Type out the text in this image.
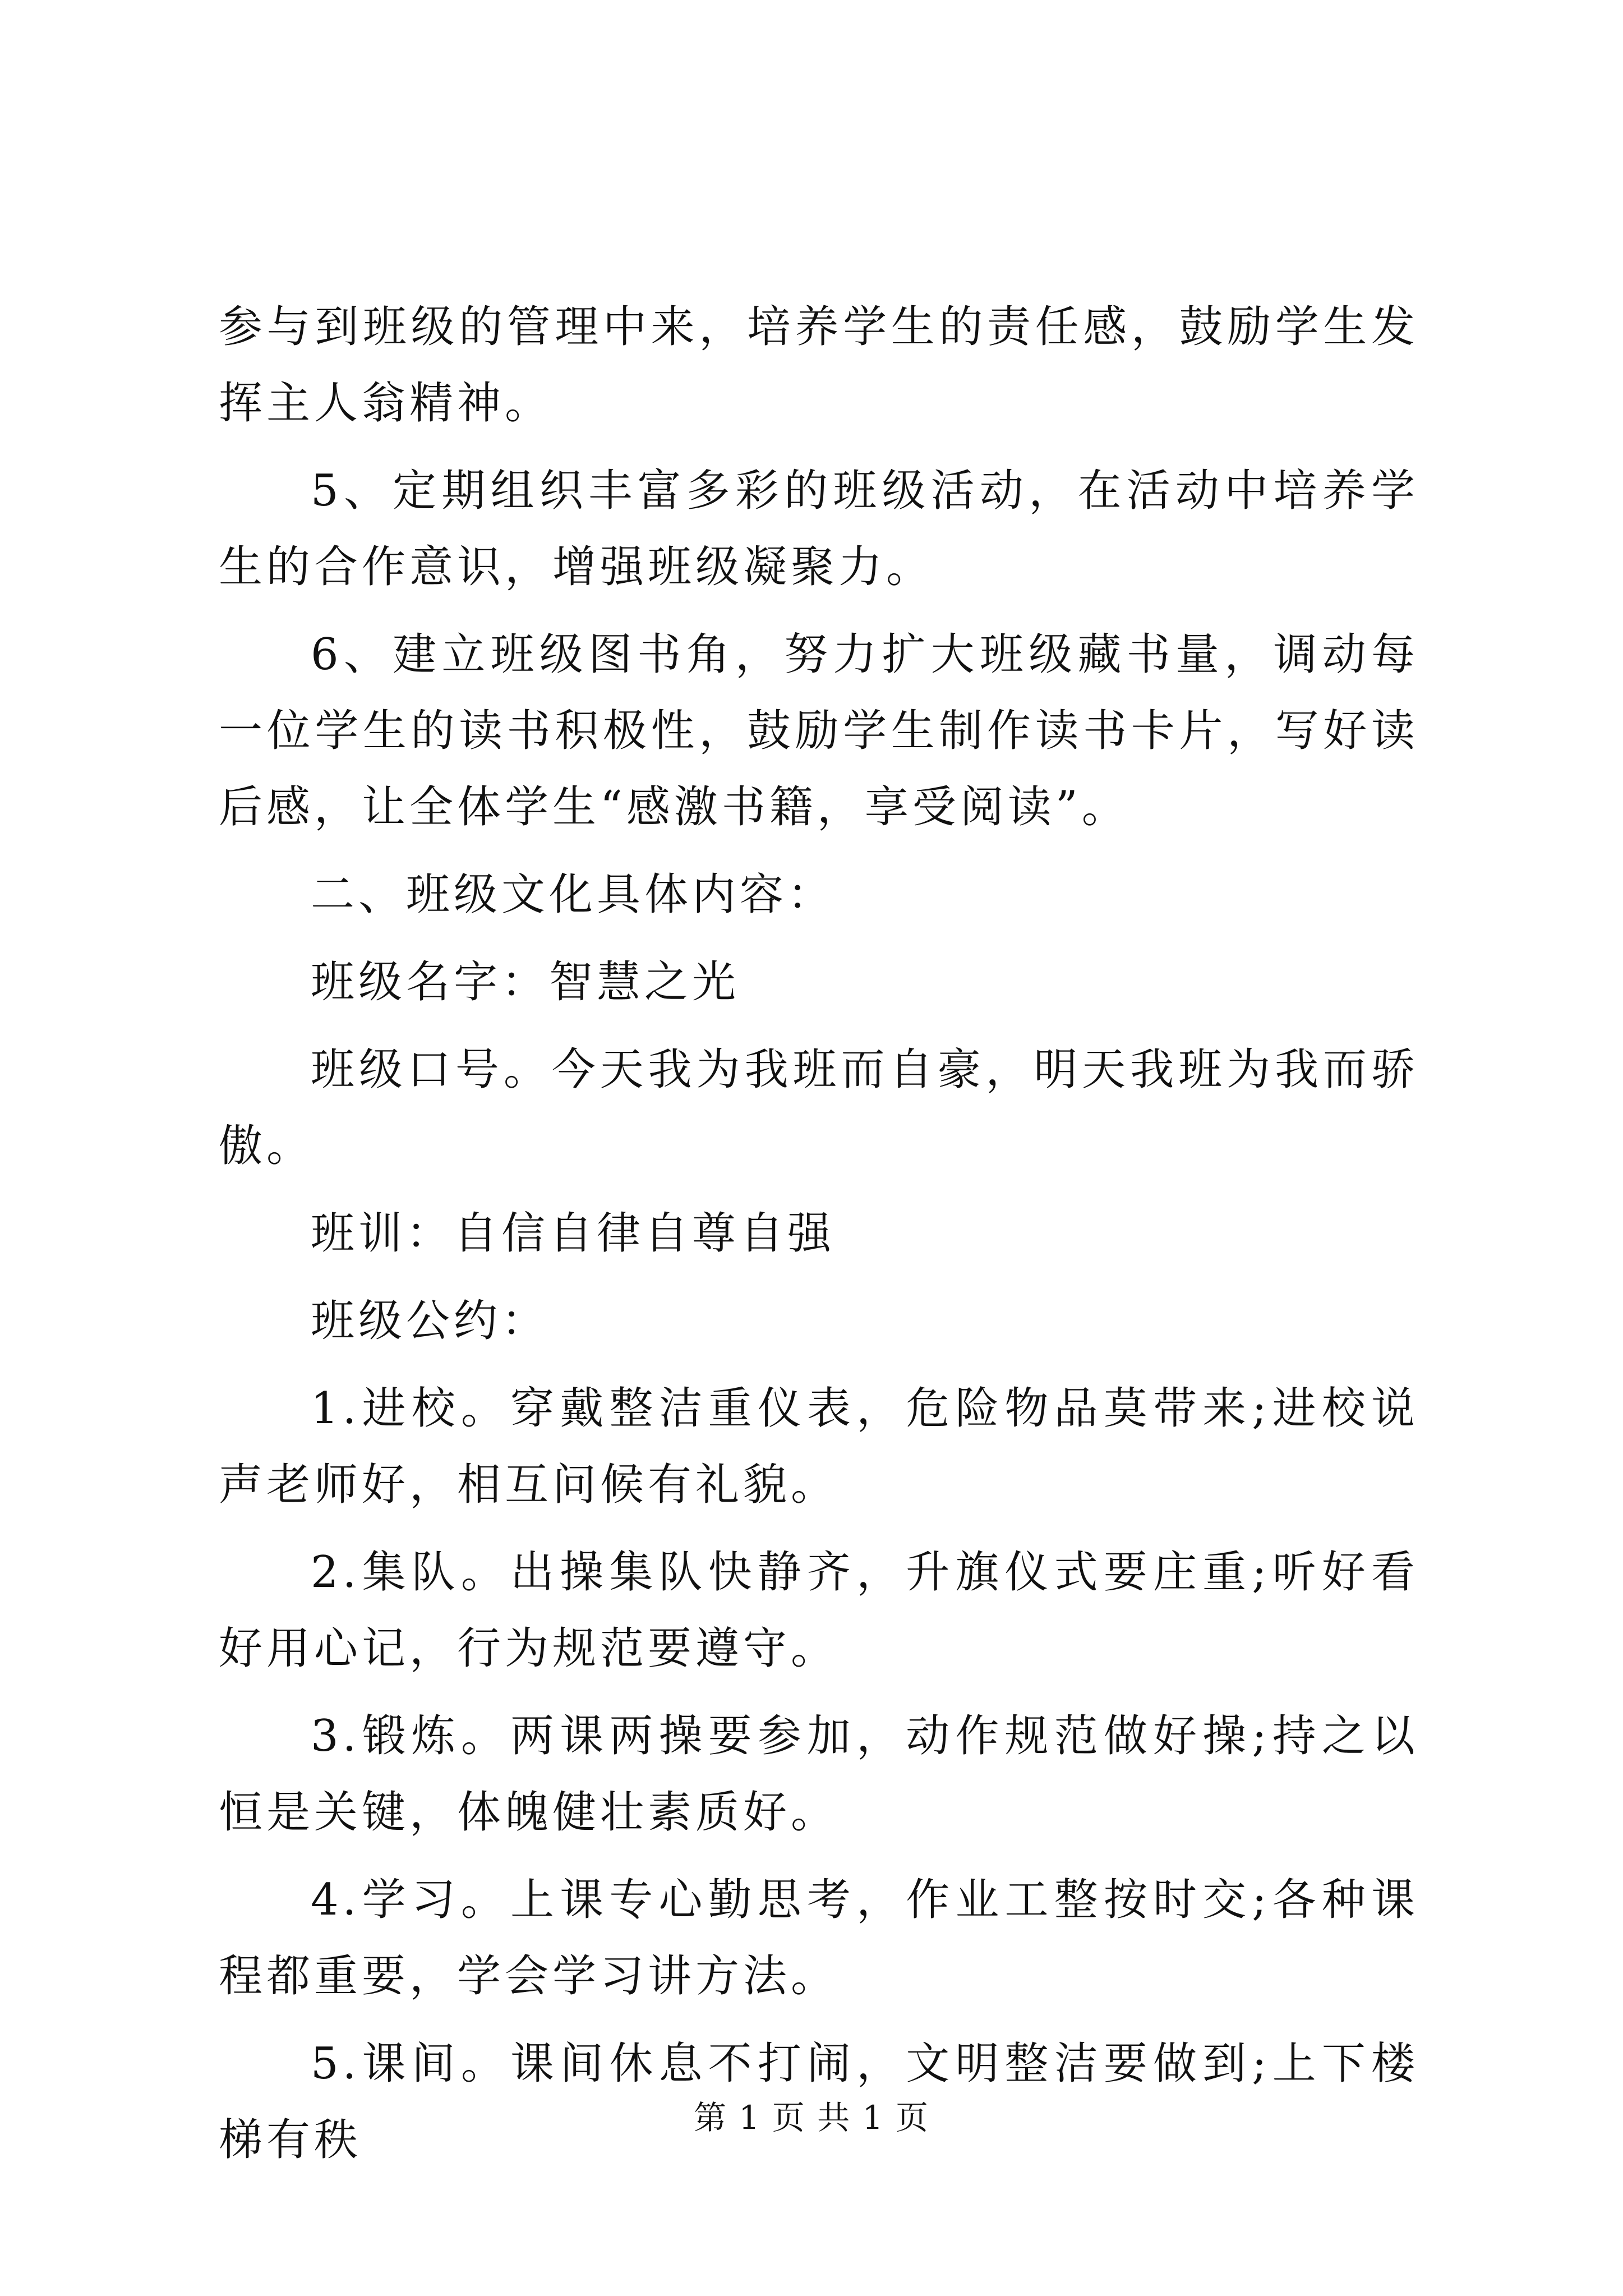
参与到班级的管理中来，培养学生的责任感，鼓励学生发挥主人翁精神。

5、定期组织丰富多彩的班级活动，在活动中培养学生的合作意识，增强班级凝聚力。

6、建立班级图书角，努力扩大班级藏书量，调动每一位学生的读书积极性，鼓励学生制作读书卡片，写好读后感，让全体学生“感激书籍，享受阅读”。

二、班级文化具体内容：

班级名字：智慧之光

班级口号。今天我为我班而自豪，明天我班为我而骄傲。

班训：自信自律自尊自强

班级公约：

1.进校。穿戴整洁重仪表，危险物品莫带来;进校说声老师好，相互问候有礼貌。

2.集队。出操集队快静齐，升旗仪式要庄重;听好看好用心记，行为规范要遵守。

3.锻炼。两课两操要参加，动作规范做好操;持之以恒是关键，体魄健壮素质好。

4.学习。上课专心勤思考，作业工整按时交;各种课程都重要，学会学习讲方法。

5.课间。课间休息不打闹，文明整洁要做到;上下楼梯有秩	第 1 页 共 1 页
